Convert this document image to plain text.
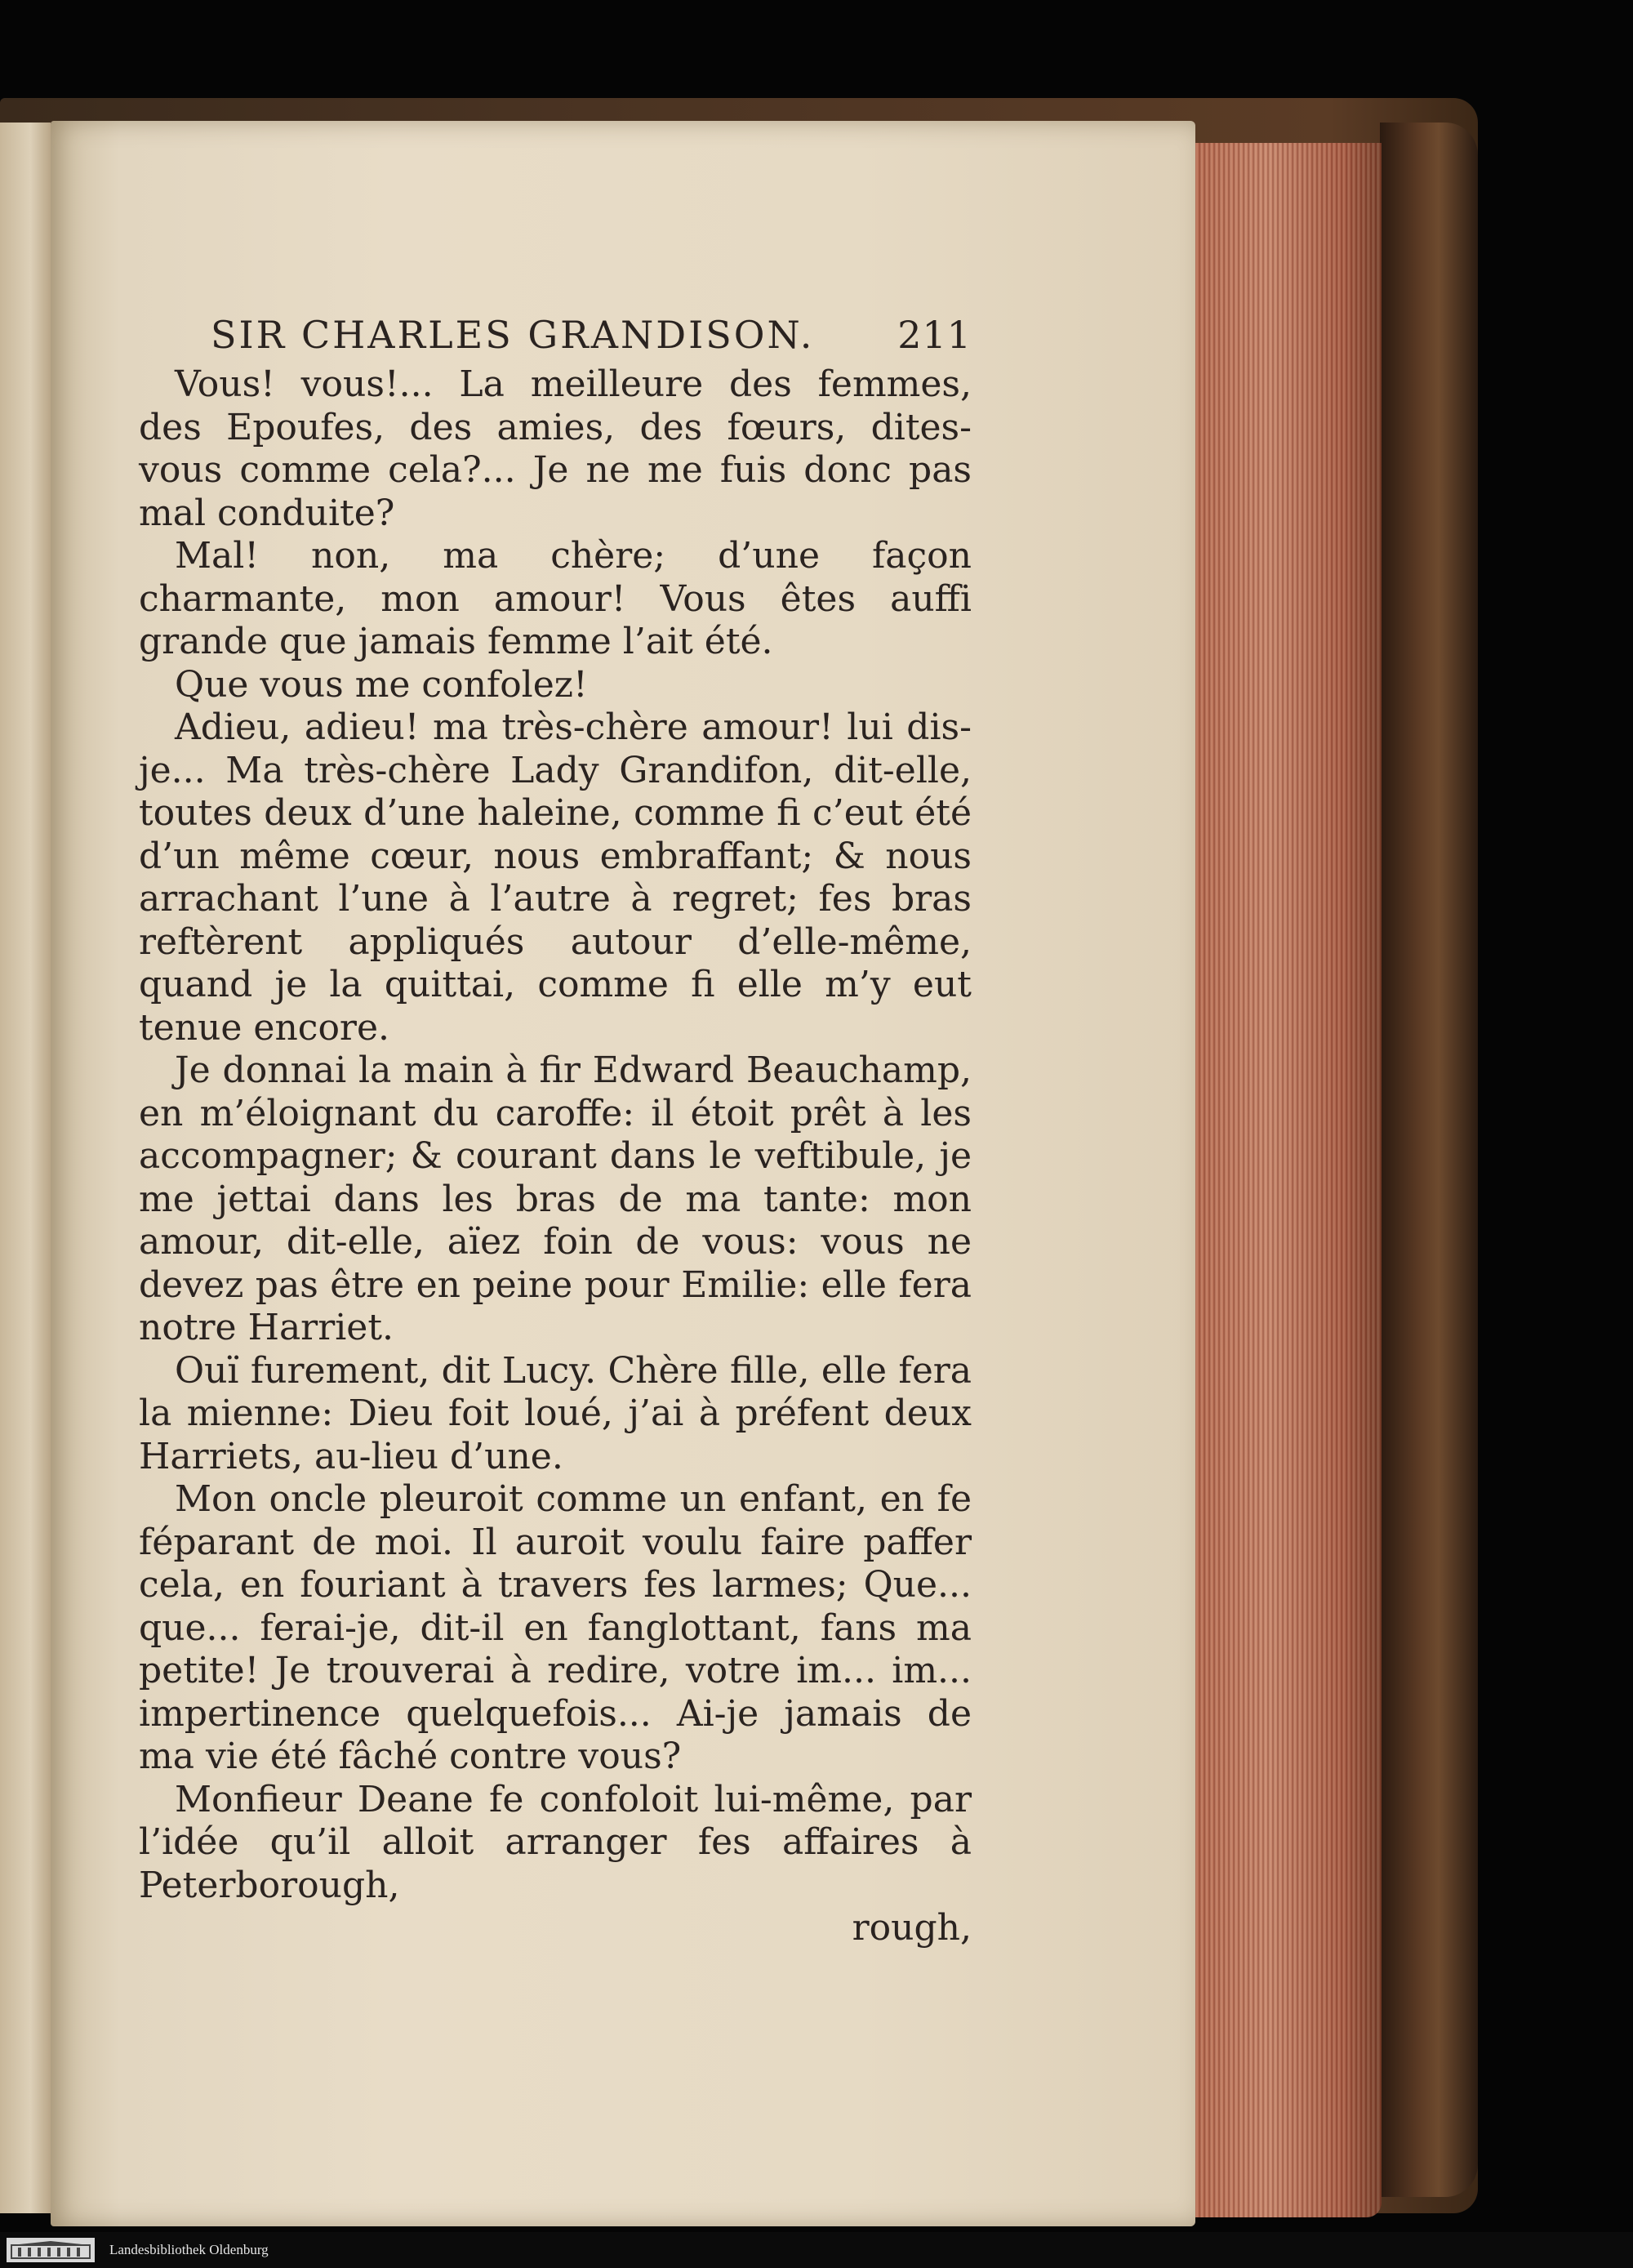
SIR CHARLES GRANDISON. 211

Vous! vous!... La meilleure des femmes, des Epoufes, des amies, des fœurs, dites-vous comme cela?... Je ne me fuis donc pas mal conduite?

Mal! non, ma chère; d’une façon charmante, mon amour! Vous êtes auffi grande que jamais femme l’ait été.

Que vous me confolez!

Adieu, adieu! ma très-chère amour! lui dis-je... Ma très-chère Lady Grandifon, dit-elle, toutes deux d’une haleine, comme fi c’eut été d’un même cœur, nous embraffant; & nous arrachant l’une à l’autre à regret; fes bras reftèrent appliqués autour d’elle-même, quand je la quittai, comme fi elle m’y eut tenue encore.

Je donnai la main à fir Edward Beauchamp, en m’éloignant du caroffe: il étoit prêt à les accompagner; & courant dans le veftibule, je me jettai dans les bras de ma tante: mon amour, dit-elle, aïez foin de vous: vous ne devez pas être en peine pour Emilie: elle fera notre Harriet.

Ouï furement, dit Lucy. Chère fille, elle fera la mienne: Dieu foit loué, j’ai à préfent deux Harriets, au-lieu d’une.

Mon oncle pleuroit comme un enfant, en fe féparant de moi. Il auroit voulu faire paffer cela, en fouriant à travers fes larmes; Que... que... ferai-je, dit-il en fanglottant, fans ma petite! Je trouverai à redire, votre im... im... impertinence quelquefois... Ai-je jamais de ma vie été fâché contre vous?

Monfieur Deane fe confoloit lui-même, par l’idée qu’il alloit arranger fes affaires à Peterborough,

rough,

Landesbibliothek Oldenburg
